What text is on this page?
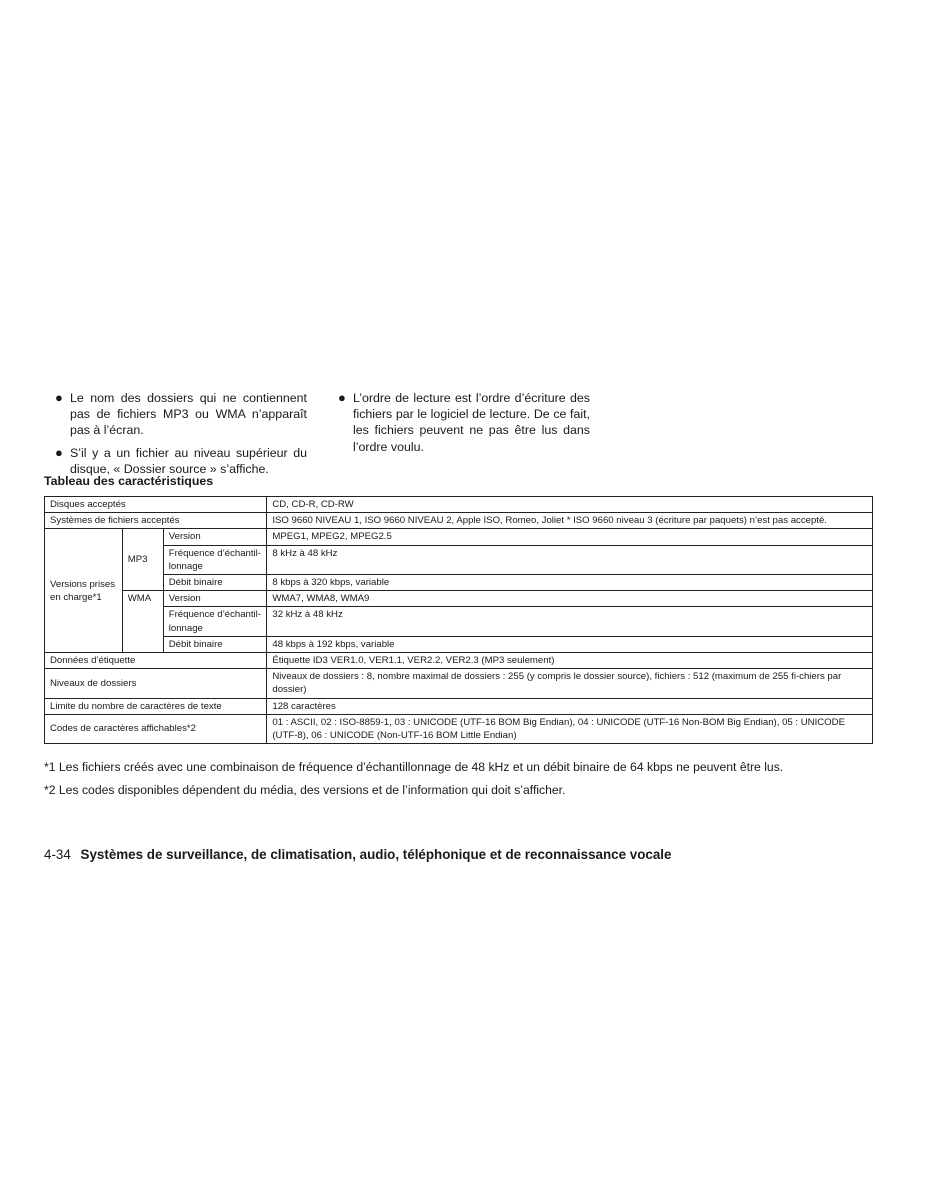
● Le nom des dossiers qui ne contiennent pas de fichiers MP3 ou WMA n’apparaît pas à l’écran.
● S’il y a un fichier au niveau supérieur du disque, « Dossier source » s’affiche.
● L’ordre de lecture est l’ordre d’écriture des fichiers par le logiciel de lecture. De ce fait, les fichiers peuvent ne pas être lus dans l’ordre voulu.
Tableau des caractéristiques
Disques acceptés			CD, CD-R, CD-RW
Systèmes de fichiers acceptés			ISO 9660 NIVEAU 1, ISO 9660 NIVEAU 2, Apple ISO, Romeo, Joliet * ISO 9660 niveau 3 (écriture par paquets) n’est pas accepté.
Versions prises en charge*1	MP3	Version	MPEG1, MPEG2, MPEG2.5
		Fréquence d’échantil-lonnage	8 kHz à 48 kHz
		Débit binaire	8 kbps à 320 kbps, variable
	WMA	Version	WMA7, WMA8, WMA9
		Fréquence d’échantil-lonnage	32 kHz à 48 kHz
		Débit binaire	48 kbps à 192 kbps, variable
Données d’étiquette			Étiquette ID3 VER1.0, VER1.1, VER2.2, VER2.3 (MP3 seulement)
Niveaux de dossiers			Niveaux de dossiers : 8, nombre maximal de dossiers : 255 (y compris le dossier source), fichiers : 512 (maximum de 255 fi-chiers par dossier)
Limite du nombre de caractères de texte			128 caractères
Codes de caractères affichables*2			01 : ASCII, 02 : ISO-8859-1, 03 : UNICODE (UTF-16 BOM Big Endian), 04 : UNICODE (UTF-16 Non-BOM Big Endian), 05 : UNICODE (UTF-8), 06 : UNICODE (Non-UTF-16 BOM Little Endian)
*1 Les fichiers créés avec une combinaison de fréquence d’échantillonnage de 48 kHz et un débit binaire de 64 kbps ne peuvent être lus.
*2 Les codes disponibles dépendent du média, des versions et de l’information qui doit s’afficher.
4-34 Systèmes de surveillance, de climatisation, audio, téléphonique et de reconnaissance vocale
